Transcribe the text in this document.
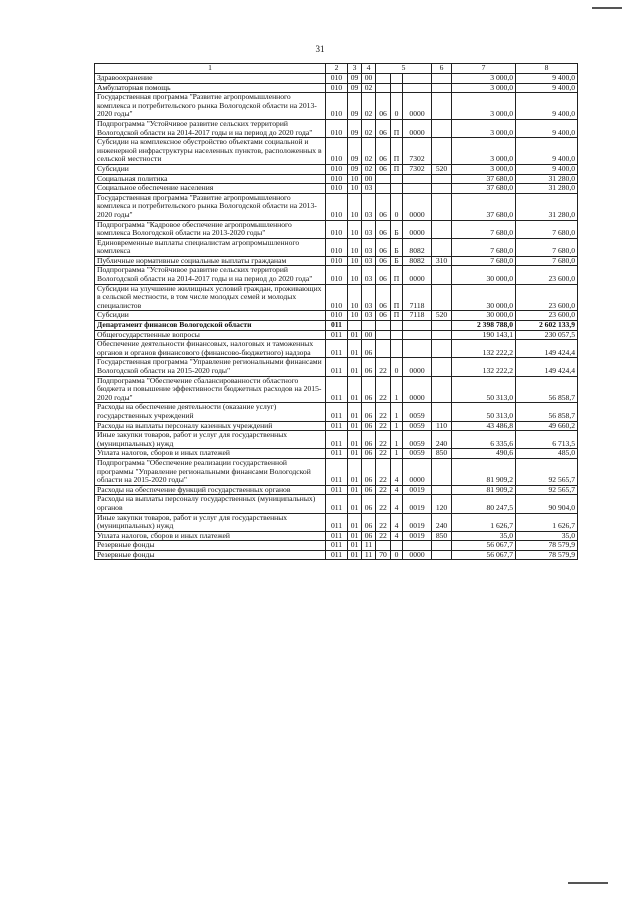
31
1	2	3	4	5			6	7	8
Здравоохранение	010	09	00					3 000,0	9 400,0
Амбулаторная помощь	010	09	02					3 000,0	9 400,0
Государственная программа "Развитие агропромышленного комплекса и потребительского рынка Вологодской области на 2013-2020 годы"	010	09	02	06	0	0000		3 000,0	9 400,0
Подпрограмма "Устойчивое развитие сельских территорий Вологодской области на 2014-2017 годы и на период до 2020 года"	010	09	02	06	П	0000		3 000,0	9 400,0
Субсидии на комплексное обустройство объектами социальной и инженерной инфраструктуры населенных пунктов, расположенных в сельской местности	010	09	02	06	П	7302		3 000,0	9 400,0
Субсидии	010	09	02	06	П	7302	520	3 000,0	9 400,0
Социальная политика	010	10	00					37 680,0	31 280,0
Социальное обеспечение населения	010	10	03					37 680,0	31 280,0
Государственная программа "Развитие агропромышленного комплекса и потребительского рынка Вологодской области на 2013-2020 годы"	010	10	03	06	0	0000		37 680,0	31 280,0
Подпрограмма "Кадровое обеспечение агропромышленного комплекса Вологодской области на 2013-2020 годы"	010	10	03	06	Б	0000		7 680,0	7 680,0
Единовременные выплаты специалистам агропромышленного комплекса	010	10	03	06	Б	8082		7 680,0	7 680,0
Публичные нормативные социальные выплаты гражданам	010	10	03	06	Б	8082	310	7 680,0	7 680,0
Подпрограмма "Устойчивое развитие сельских территорий Вологодской области на 2014-2017 годы и на период до 2020 года"	010	10	03	06	П	0000		30 000,0	23 600,0
Субсидии на улучшение жилищных условий граждан, проживающих в сельской местности, в том числе молодых семей и молодых специалистов	010	10	03	06	П	7118		30 000,0	23 600,0
Субсидии	010	10	03	06	П	7118	520	30 000,0	23 600,0
Департамент финансов Вологодской области	011							2 398 788,0	2 602 133,9
Общегосударственные вопросы	011	01	00					190 143,1	230 057,5
Обеспечение деятельности финансовых, налоговых и таможенных органов и органов финансового (финансово-бюджетного) надзора	011	01	06					132 222,2	149 424,4
Государственная программа "Управление региональными финансами Вологодской области на 2015-2020 годы"	011	01	06	22	0	0000		132 222,2	149 424,4
Подпрограмма "Обеспечение сбалансированности областного бюджета и повышение эффективности бюджетных расходов на 2015-2020 годы"	011	01	06	22	1	0000		50 313,0	56 858,7
Расходы на обеспечение деятельности (оказание услуг) государственных учреждений	011	01	06	22	1	0059		50 313,0	56 858,7
Расходы на выплаты персоналу казенных учреждений	011	01	06	22	1	0059	110	43 486,8	49 660,2
Иные закупки товаров, работ и услуг для государственных (муниципальных) нужд	011	01	06	22	1	0059	240	6 335,6	6 713,5
Уплата налогов, сборов и иных платежей	011	01	06	22	1	0059	850	490,6	485,0
Подпрограмма "Обеспечение реализации государственной программы "Управление региональными финансами Вологодской области на 2015-2020 годы"	011	01	06	22	4	0000		81 909,2	92 565,7
Расходы на обеспечение функций государственных органов	011	01	06	22	4	0019		81 909,2	92 565,7
Расходы на выплаты персоналу государственных (муниципальных) органов	011	01	06	22	4	0019	120	80 247,5	90 904,0
Иные закупки товаров, работ и услуг для государственных (муниципальных) нужд	011	01	06	22	4	0019	240	1 626,7	1 626,7
Уплата налогов, сборов и иных платежей	011	01	06	22	4	0019	850	35,0	35,0
Резервные фонды	011	01	11					56 067,7	78 579,9
Резервные фонды	011	01	11	70	0	0000		56 067,7	78 579,9
